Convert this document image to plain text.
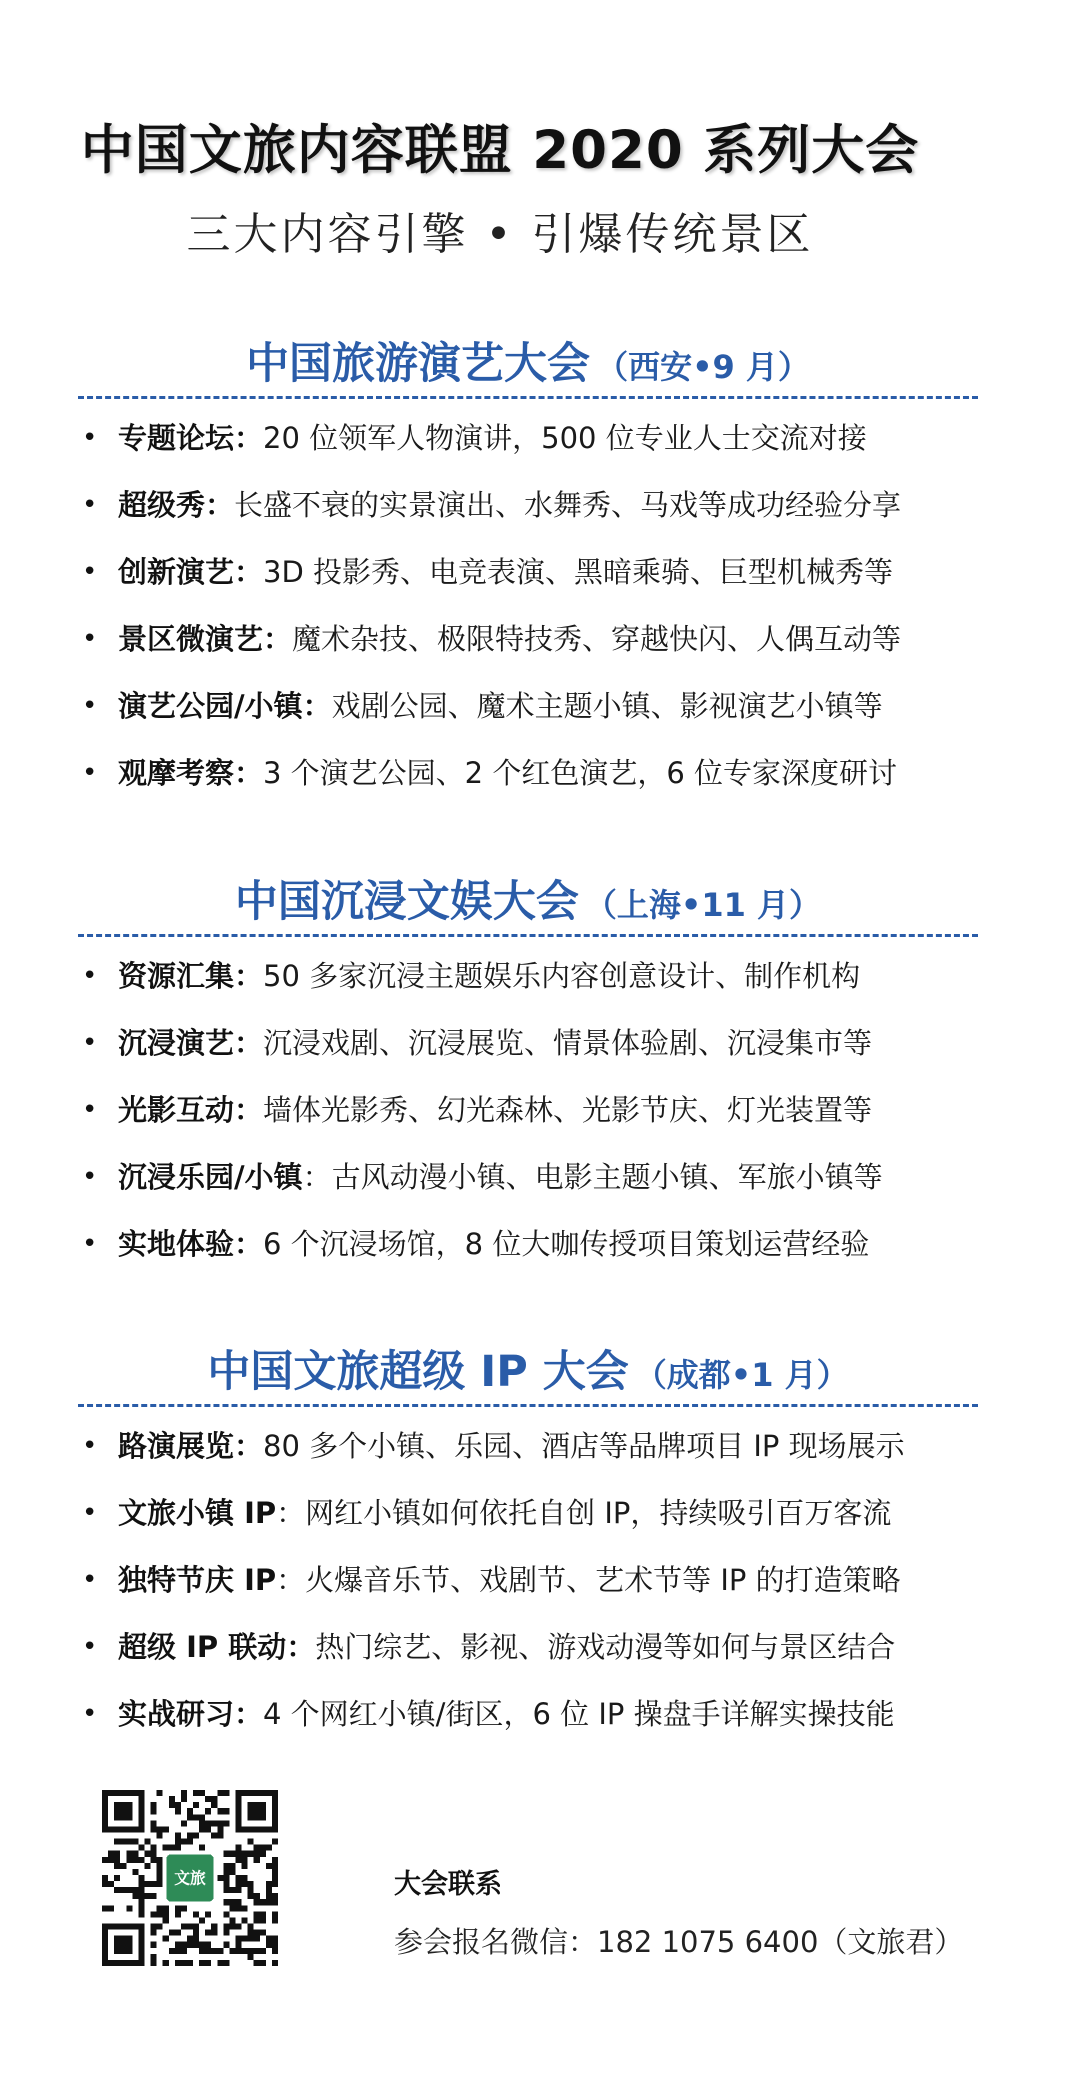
中国文旅内容联盟 2020 系列大会
三大内容引擎 • 引爆传统景区
中国旅游演艺大会 （西安•9 月）
• 专题论坛：20 位领军人物演讲，500 位专业人士交流对接
• 超级秀：长盛不衰的实景演出、水舞秀、马戏等成功经验分享
• 创新演艺：3D 投影秀、电竞表演、黑暗乘骑、巨型机械秀等
• 景区微演艺：魔术杂技、极限特技秀、穿越快闪、人偶互动等
• 演艺公园/小镇：戏剧公园、魔术主题小镇、影视演艺小镇等
• 观摩考察：3 个演艺公园、2 个红色演艺，6 位专家深度研讨
中国沉浸文娱大会 （上海•11 月）
• 资源汇集：50 多家沉浸主题娱乐内容创意设计、制作机构
• 沉浸演艺：沉浸戏剧、沉浸展览、情景体验剧、沉浸集市等
• 光影互动：墙体光影秀、幻光森林、光影节庆、灯光装置等
• 沉浸乐园/小镇：古风动漫小镇、电影主题小镇、军旅小镇等
• 实地体验：6 个沉浸场馆，8 位大咖传授项目策划运营经验
中国文旅超级 IP 大会 （成都•1 月）
• 路演展览：80 多个小镇、乐园、酒店等品牌项目 IP 现场展示
• 文旅小镇 IP：网红小镇如何依托自创 IP，持续吸引百万客流
• 独特节庆 IP：火爆音乐节、戏剧节、艺术节等 IP 的打造策略
• 超级 IP 联动：热门综艺、影视、游戏动漫等如何与景区结合
• 实战研习：4 个网红小镇/街区，6 位 IP 操盘手详解实操技能
文旅	大会联系
参会报名微信：182 1075 6400（文旅君）
